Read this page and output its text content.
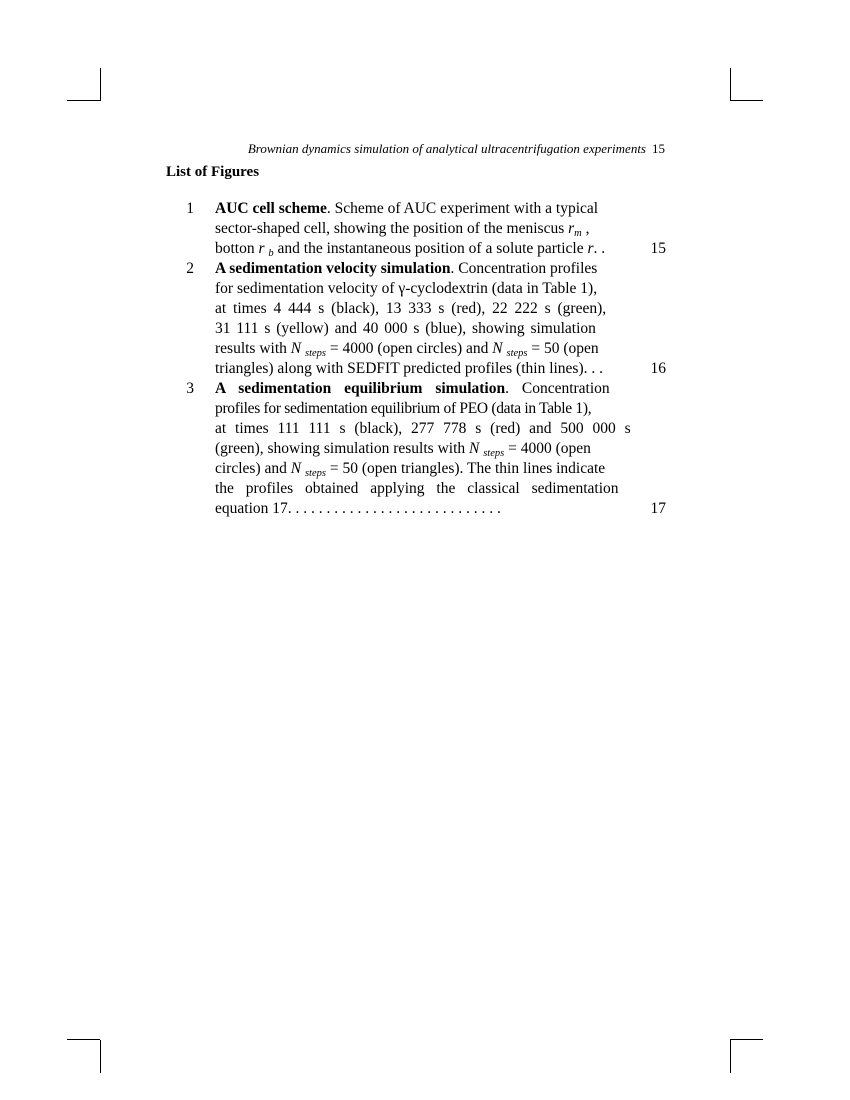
Brownian dynamics simulation of analytical ultracentrifugation experiments 15
List of Figures
1 AUC cell scheme. Scheme of AUC experiment with a typical
sector-shaped cell, showing the position of the meniscus rm ,
botton r b and the instantaneous position of a solute particle r. .	15
2 A sedimentation velocity simulation. Concentration profiles
for sedimentation velocity of γ-cyclodextrin (data in Table 1),
at times 4 444 s (black), 13 333 s (red), 22 222 s (green),
31 111 s (yellow) and 40 000 s (blue), showing simulation
results with N steps = 4000 (open circles) and N steps = 50 (open
triangles) along with SEDFIT predicted profiles (thin lines). . .	16
3 A sedimentation equilibrium simulation. Concentration
profiles for sedimentation equilibrium of PEO (data in Table 1),
at times 111 111 s (black), 277 778 s (red) and 500 000 s
(green), showing simulation results with N steps = 4000 (open
circles) and N steps = 50 (open triangles). The thin lines indicate
the profiles obtained applying the classical sedimentation
equation 17. . . . . . . . . . . . . . . . . . . . . . . . . . . .	17
